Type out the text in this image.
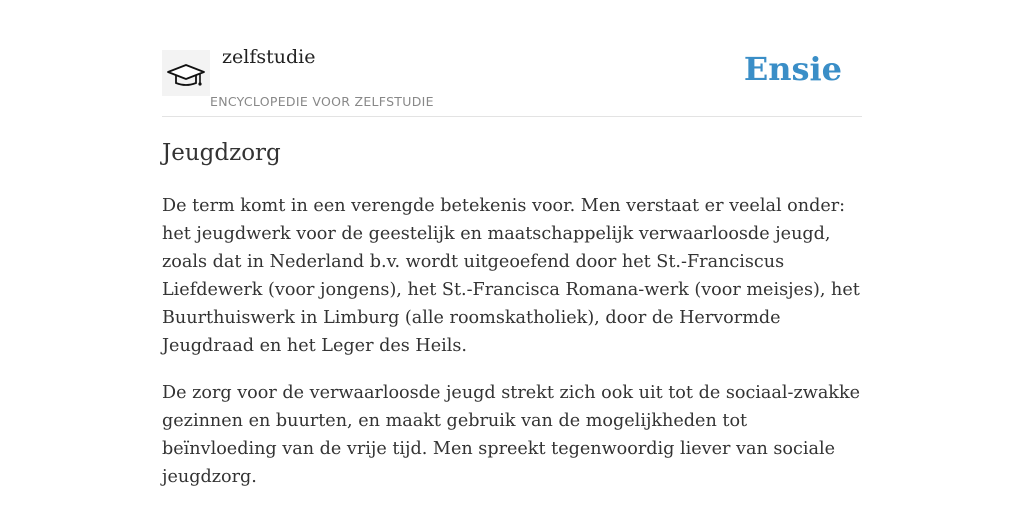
zelfstudie
ENCYCLOPEDIE VOOR ZELFSTUDIE
Ensie
Jeugdzorg

De term komt in een verengde betekenis voor. Men verstaat er veelal onder: het jeugdwerk voor de geestelijk en maatschappelijk verwaarloosde jeugd, zoals dat in Nederland b.v. wordt uitgeoefend door het St.-Franciscus Liefdewerk (voor jongens), het St.-Francisca Romana-werk (voor meisjes), het Buurthuiswerk in Limburg (alle roomskatholiek), door de Hervormde Jeugdraad en het Leger des Heils.

De zorg voor de verwaarloosde jeugd strekt zich ook uit tot de sociaal-zwakke gezinnen en buurten, en maakt gebruik van de mogelijkheden tot beïnvloeding van de vrije tijd. Men spreekt tegenwoordig liever van sociale jeugdzorg.
